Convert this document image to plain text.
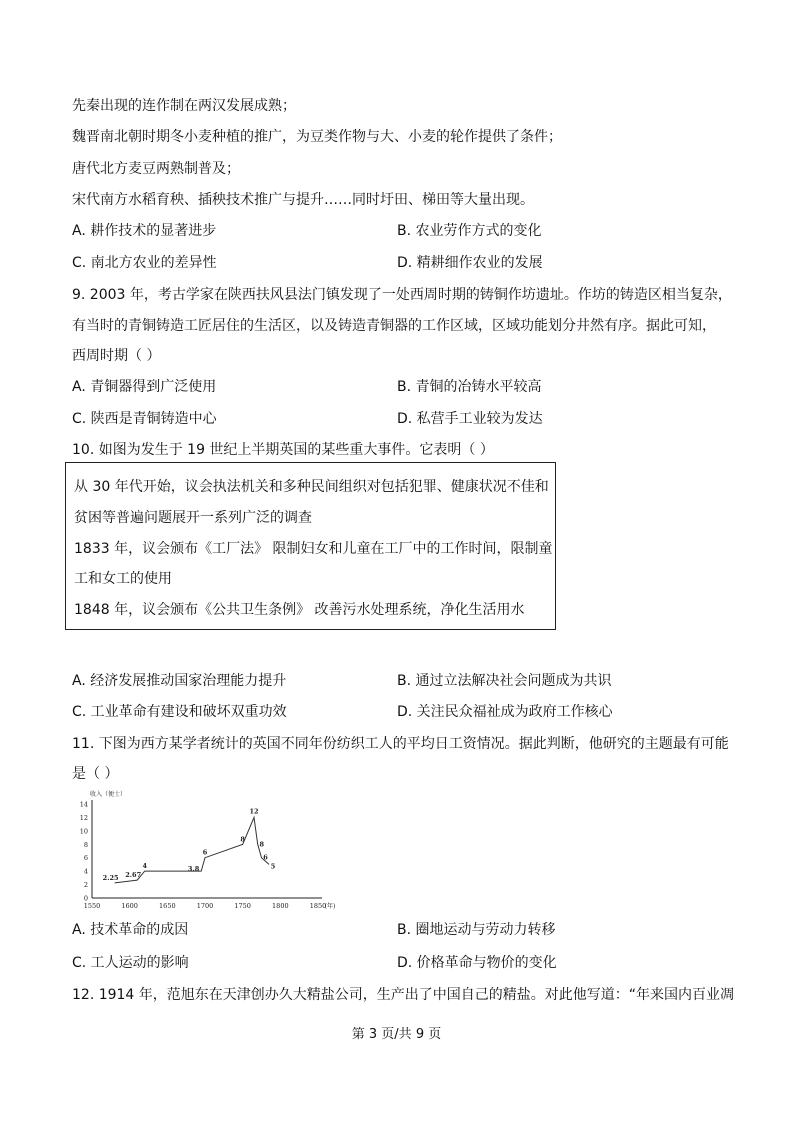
先秦出现的连作制在两汉发展成熟；
魏晋南北朝时期冬小麦种植的推广，为豆类作物与大、小麦的轮作提供了条件；
唐代北方麦豆两熟制普及；
宋代南方水稻育秧、插秧技术推广与提升……同时圩田、梯田等大量出现。
A. 耕作技术的显著进步	B. 农业劳作方式的变化
C. 南北方农业的差异性	D. 精耕细作农业的发展
9. 2003 年，考古学家在陕西扶风县法门镇发现了一处西周时期的铸铜作坊遗址。作坊的铸造区相当复杂，
有当时的青铜铸造工匠居住的生活区，以及铸造青铜器的工作区域，区域功能划分井然有序。据此可知，
西周时期（ ）
A. 青铜器得到广泛使用	B. 青铜的冶铸水平较高
C. 陕西是青铜铸造中心	D. 私营手工业较为发达
10. 如图为发生于 19 世纪上半期英国的某些重大事件。它表明（ ）
从 30 年代开始，议会执法机关和多种民间组织对包括犯罪、健康状况不佳和
贫困等普遍问题展开一系列广泛的调查
1833 年，议会颁布《工厂法》 限制妇女和儿童在工厂中的工作时间，限制童
工和女工的使用
1848 年，议会颁布《公共卫生条例》 改善污水处理系统，净化生活用水
A. 经济发展推动国家治理能力提升	B. 通过立法解决社会问题成为共识
C. 工业革命有建设和破坏双重功效	D. 关注民众福祉成为政府工作核心
11. 下图为西方某学者统计的英国不同年份纺织工人的平均日工资情况。据此判断，他研究的主题最有可能
是（ ）
0
2
4
6
8
10
12
14
收入（便士）
1550	1600	1650	1700	1750	1800	1850
(年)
2.25 2.67
4	3.8
6
8
12
8
6
5
A. 技术革命的成因	B. 圈地运动与劳动力转移
C. 工人运动的影响	D. 价格革命与物价的变化
12. 1914 年，范旭东在天津创办久大精盐公司，生产出了中国自己的精盐。对此他写道：“年来国内百业凋
第 3 页/共 9 页
